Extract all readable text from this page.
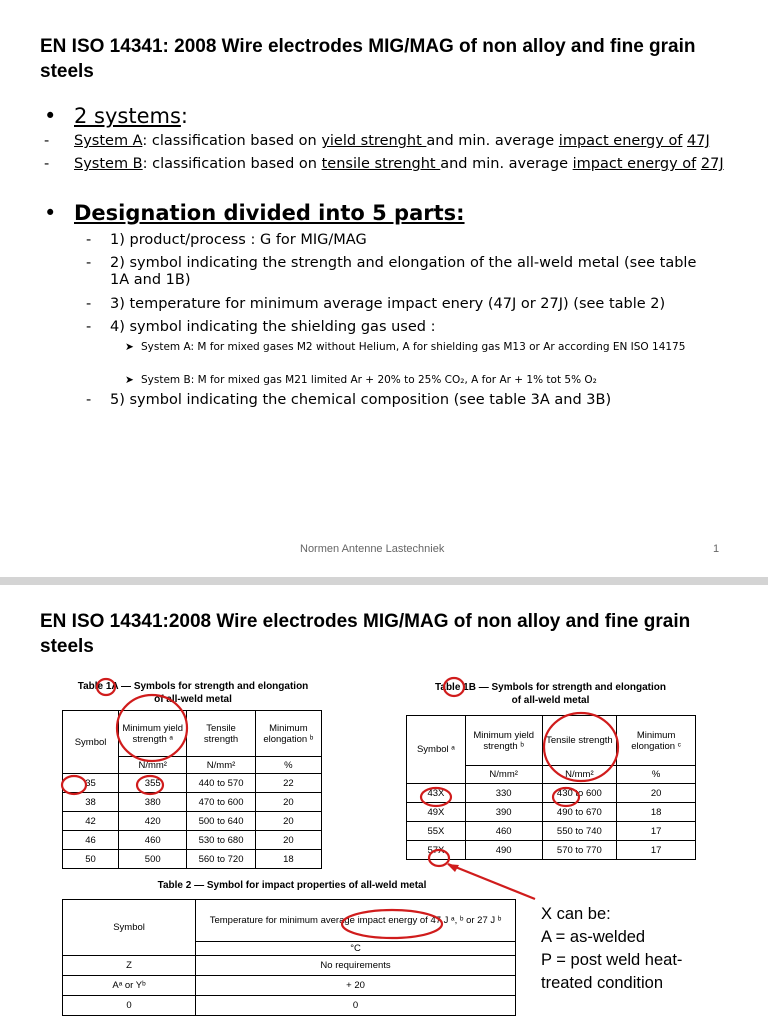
EN ISO 14341: 2008 Wire electrodes MIG/MAG of non alloy and fine grain steels
• 2 systems:
- System A: classification based on yield strenght and min. average impact energy of 47J
- System B: classification based on tensile strenght and min. average impact energy of 27J
• Designation divided into 5 parts:
- 1) product/process : G for MIG/MAG
- 2) symbol indicating the strength and elongation of the all-weld metal (see table 1A and 1B)
- 3) temperature for minimum average impact enery (47J or 27J) (see table 2)
- 4) symbol indicating the shielding gas used :
➤ System A: M for mixed gases M2 without Helium, A for shielding gas M13 or Ar according EN ISO 14175
➤ System B: M for mixed gas M21 limited Ar + 20% to 25% CO₂, A for Ar + 1% tot 5% O₂
- 5) symbol indicating the chemical composition (see table 3A and 3B)
Normen Antenne Lastechniek	1
EN ISO 14341:2008 Wire electrodes MIG/MAG of non alloy and fine grain steels
Table 1A — Symbols for strength and elongation
of all-weld metal
Symbol	Minimum yield strength ᵃ	Tensile strength	Minimum elongation ᵇ
	N/mm²	N/mm²	%
35	355	440 to 570	22
38	380	470 to 600	20
42	420	500 to 640	20
46	460	530 to 680	20
50	500	560 to 720	18
Table 1B — Symbols for strength and elongation
of all-weld metal
Symbol ᵃ	Minimum yield strength ᵇ	Tensile strength	Minimum elongation ᶜ
	N/mm²	N/mm²	%
43X	330	430 to 600	20
49X	390	490 to 670	18
55X	460	550 to 740	17
57X	490	570 to 770	17
Table 2 — Symbol for impact properties of all-weld metal
Symbol	Temperature for minimum average impact energy of 47 J ᵃ, ᵇ or 27 J ᵇ
	°C
Z	No requirements
Aᵃ or Yᵇ	+ 20
0	0
X can be:
A = as-welded
P = post weld heat-
treated condition
